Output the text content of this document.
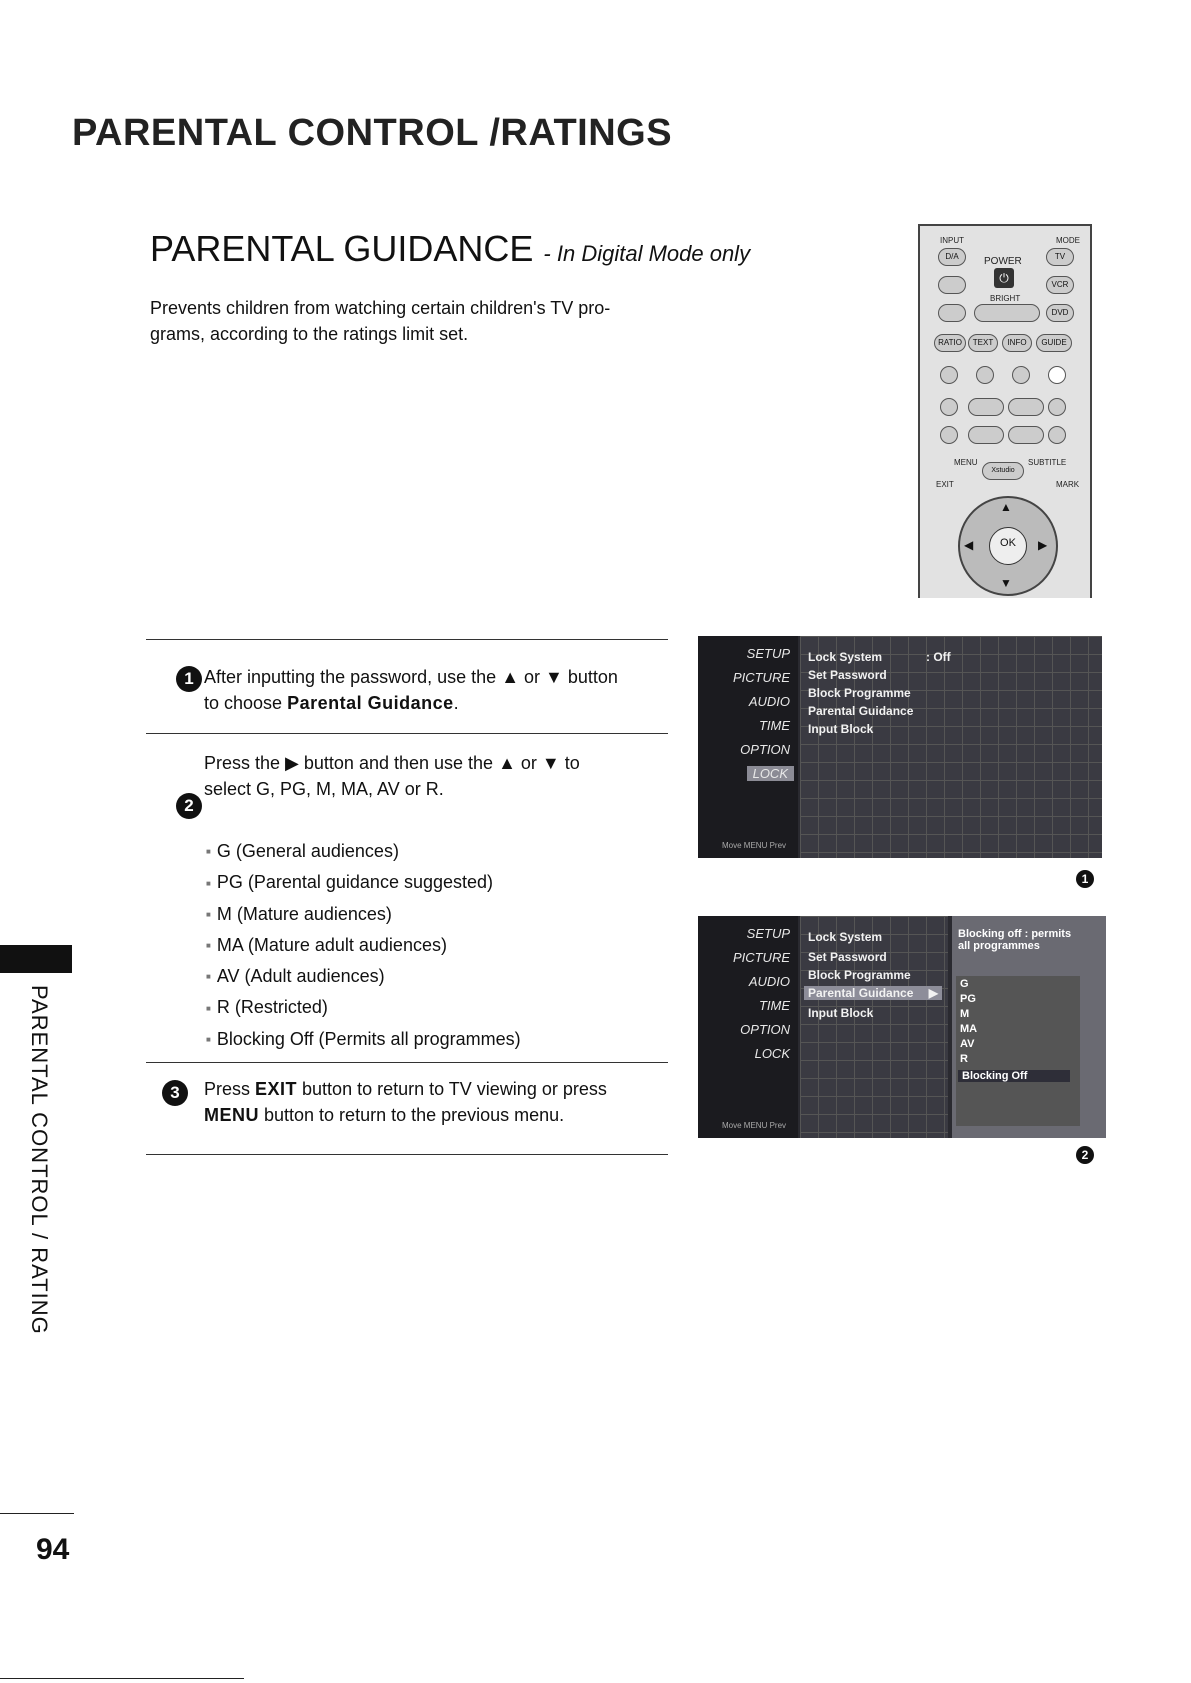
PARENTAL CONTROL /RATINGS
PARENTAL GUIDANCE - In Digital Mode only
Prevents children from watching certain children's TV pro-
grams, according to the ratings limit set.
INPUT	MODE
D/A	POWER	TV
⏻	VCR
BRIGHT
DVD
RATIO	TEXT	INFO	GUIDE
MENU
Xstudio
SUBTITLE
EXIT	MARK
OK
▲
▼
◀	▶
1 After inputting the password, use the ▲ or ▼ button
to choose Parental Guidance.
2
Press the ▶ button and then use the ▲ or ▼ to
select G, PG, M, MA, AV or R.
■ G (General audiences)
■ PG (Parental guidance suggested)
■ M (Mature audiences)
■ MA (Mature adult audiences)
■ AV (Adult audiences)
■ R (Restricted)
■ Blocking Off (Permits all programmes)
3	Press EXIT button to return to TV viewing or press
MENU button to return to the previous menu.
SETUP
PICTURE
AUDIO
TIME
OPTION
LOCK
Lock System	: Off
Set Password
Block Programme
Parental Guidance
Input Block
Move MENU Prev
1
SETUP
PICTURE
AUDIO
TIME
OPTION
LOCK
Lock System
Set Password
Block Programme
Parental Guidance ▶
Input Block
Blocking off : permits
all programmes
G
PG
M
MA
AV
R
Blocking Off
Move MENU Prev
2
PARENTAL CONTROL / RATING
94
